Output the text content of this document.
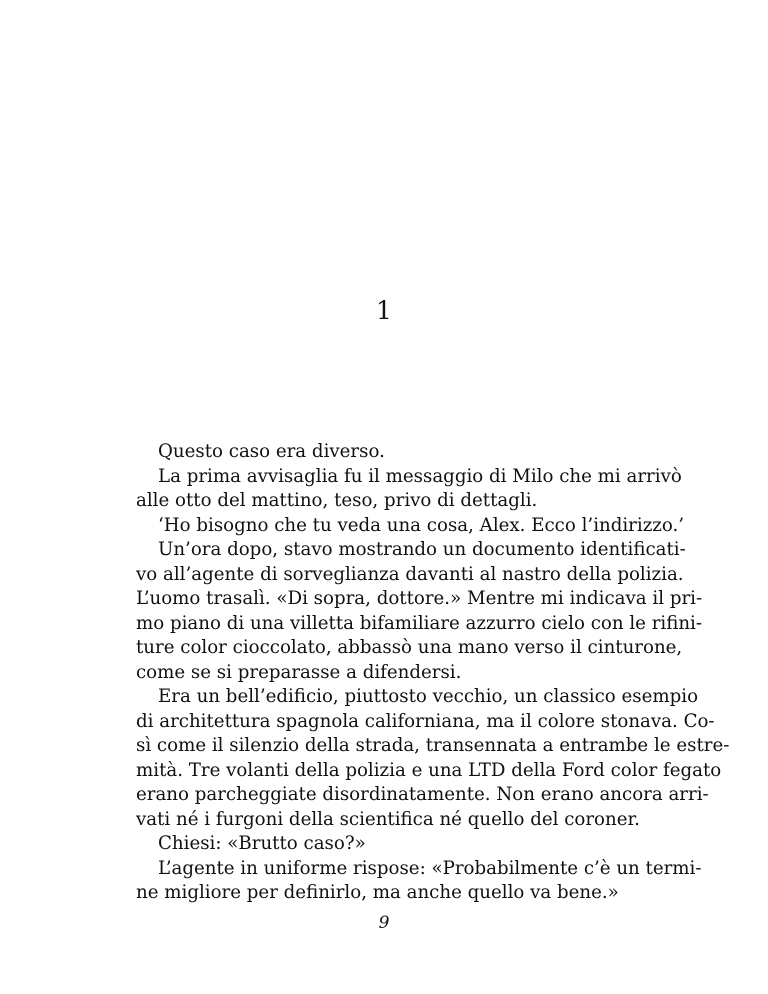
1
Questo caso era diverso.
La prima avvisaglia fu il messaggio di Milo che mi arrivò
alle otto del mattino, teso, privo di dettagli.
‘Ho bisogno che tu veda una cosa, Alex. Ecco l’indirizzo.’
Un’ora dopo, stavo mostrando un documento identificati-
vo all’agente di sorveglianza davanti al nastro della polizia.
L’uomo trasalì. «Di sopra, dottore.» Mentre mi indicava il pri-
mo piano di una villetta bifamiliare azzurro cielo con le rifini-
ture color cioccolato, abbassò una mano verso il cinturone,
come se si preparasse a difendersi.
Era un bell’edificio, piuttosto vecchio, un classico esempio
di architettura spagnola californiana, ma il colore stonava. Co-
sì come il silenzio della strada, transennata a entrambe le estre-
mità. Tre volanti della polizia e una LTD della Ford color fegato
erano parcheggiate disordinatamente. Non erano ancora arri-
vati né i furgoni della scientifica né quello del coroner.
Chiesi: «Brutto caso?»
L’agente in uniforme rispose: «Probabilmente c’è un termi-
ne migliore per definirlo, ma anche quello va bene.»
9
